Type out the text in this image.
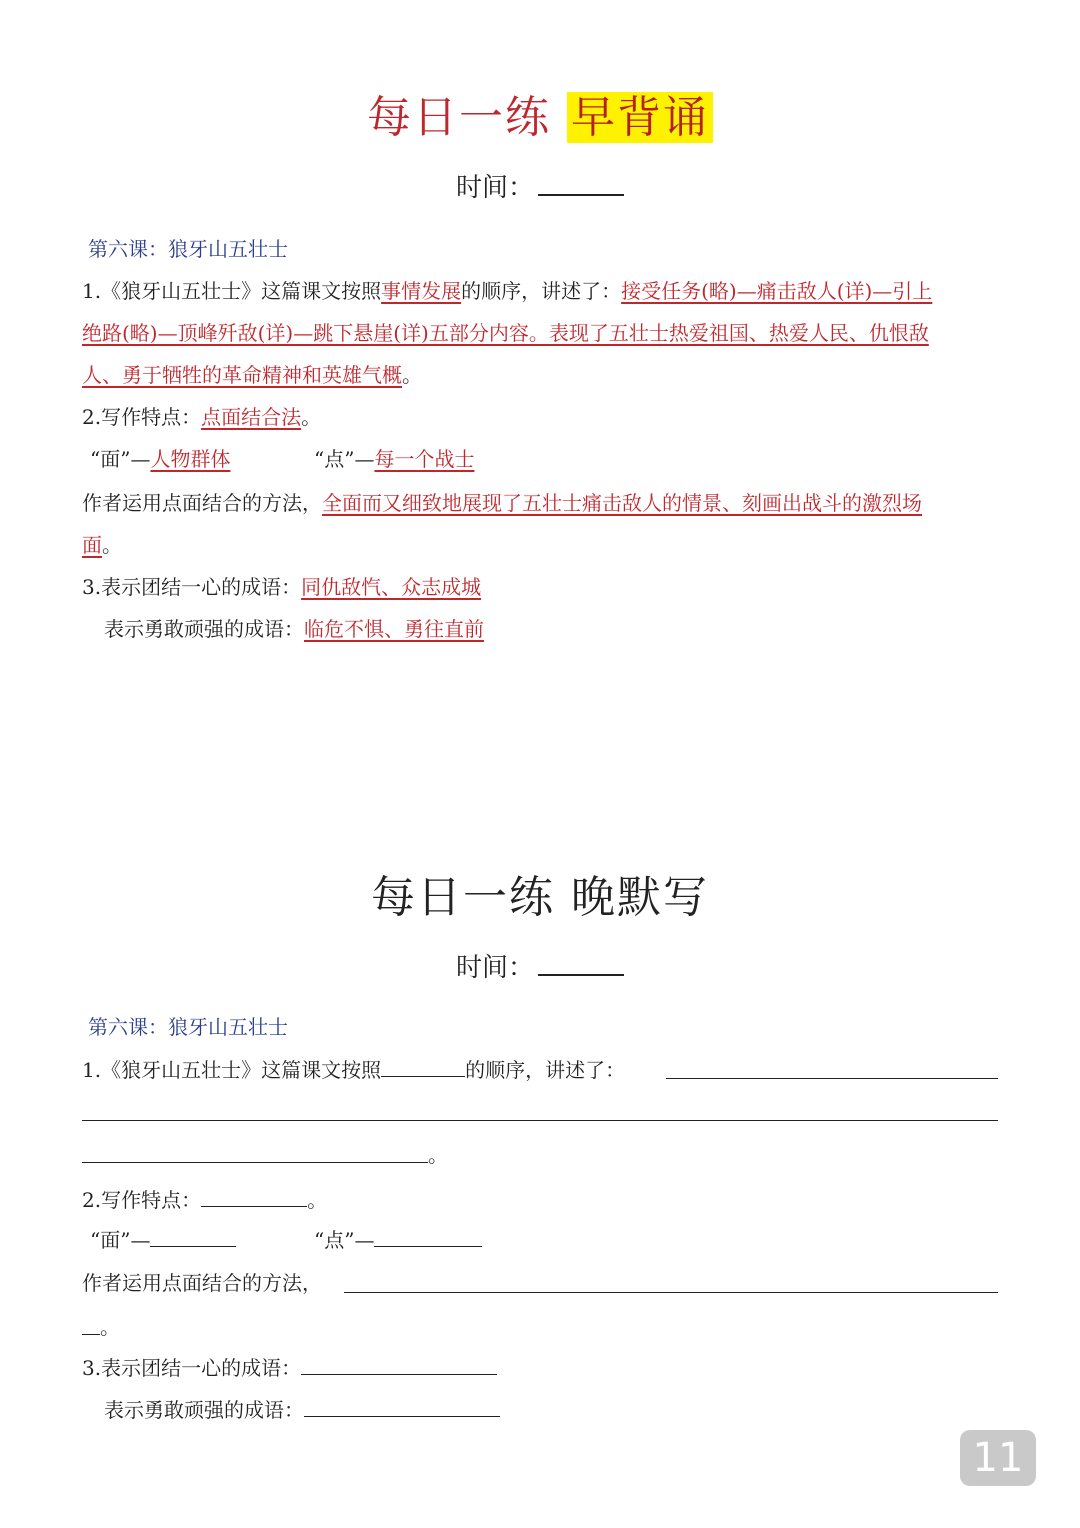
每日一练 早背诵
时间：
第六课：狼牙山五壮士
1.《狼牙山五壮士》这篇课文按照事情发展的顺序，讲述了：接受任务(略)—痛击敌人(详)—引上
绝路(略)—顶峰歼敌(详)—跳下悬崖(详)五部分内容。表现了五壮士热爱祖国、热爱人民、仇恨敌
人、勇于牺牲的革命精神和英雄气概。
2.写作特点：点面结合法。
“面”—人物群体	“点”—每一个战士
作者运用点面结合的方法，全面而又细致地展现了五壮士痛击敌人的情景、刻画出战斗的激烈场
面。
3.表示团结一心的成语：同仇敌忾、众志成城
表示勇敢顽强的成语：临危不惧、勇往直前
每日一练 晚默写
时间：
第六课：狼牙山五壮士
1.《狼牙山五壮士》这篇课文按照	的顺序，讲述了：
。
2.写作特点：	。
“面”—	“点”—
作者运用点面结合的方法，
。
3.表示团结一心的成语：
表示勇敢顽强的成语：
11
